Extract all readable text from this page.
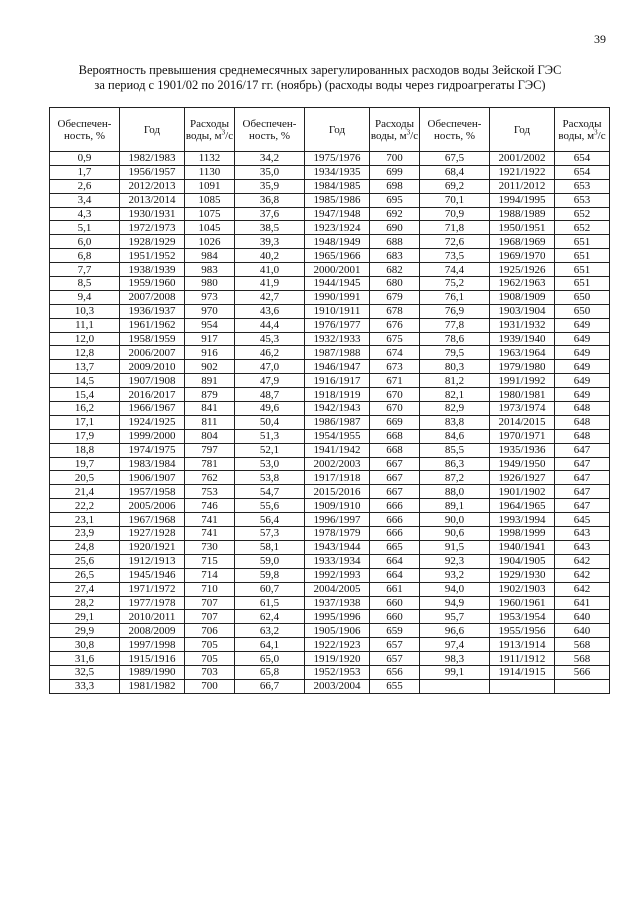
39
Вероятность превышения среднемесячных зарегулированных расходов воды Зейской ГЭС
за период с 1901/02 по 2016/17 гг. (ноябрь) (расходы воды через гидроагрегаты ГЭС)
Обеспечен-ность, %	Год	Расходы воды, $м^3/с$	Обеспечен-ность, %	Год	Расходы воды, $м^3/с$	Обеспечен-ность, %	Год	Расходы воды, $м^3/с$
0,9	1982/1983	1132	34,2	1975/1976	700	67,5	2001/2002	654
1,7	1956/1957	1130	35,0	1934/1935	699	68,4	1921/1922	654
2,6	2012/2013	1091	35,9	1984/1985	698	69,2	2011/2012	653
3,4	2013/2014	1085	36,8	1985/1986	695	70,1	1994/1995	653
4,3	1930/1931	1075	37,6	1947/1948	692	70,9	1988/1989	652
5,1	1972/1973	1045	38,5	1923/1924	690	71,8	1950/1951	652
6,0	1928/1929	1026	39,3	1948/1949	688	72,6	1968/1969	651
6,8	1951/1952	984	40,2	1965/1966	683	73,5	1969/1970	651
7,7	1938/1939	983	41,0	2000/2001	682	74,4	1925/1926	651
8,5	1959/1960	980	41,9	1944/1945	680	75,2	1962/1963	651
9,4	2007/2008	973	42,7	1990/1991	679	76,1	1908/1909	650
10,3	1936/1937	970	43,6	1910/1911	678	76,9	1903/1904	650
11,1	1961/1962	954	44,4	1976/1977	676	77,8	1931/1932	649
12,0	1958/1959	917	45,3	1932/1933	675	78,6	1939/1940	649
12,8	2006/2007	916	46,2	1987/1988	674	79,5	1963/1964	649
13,7	2009/2010	902	47,0	1946/1947	673	80,3	1979/1980	649
14,5	1907/1908	891	47,9	1916/1917	671	81,2	1991/1992	649
15,4	2016/2017	879	48,7	1918/1919	670	82,1	1980/1981	649
16,2	1966/1967	841	49,6	1942/1943	670	82,9	1973/1974	648
17,1	1924/1925	811	50,4	1986/1987	669	83,8	2014/2015	648
17,9	1999/2000	804	51,3	1954/1955	668	84,6	1970/1971	648
18,8	1974/1975	797	52,1	1941/1942	668	85,5	1935/1936	647
19,7	1983/1984	781	53,0	2002/2003	667	86,3	1949/1950	647
20,5	1906/1907	762	53,8	1917/1918	667	87,2	1926/1927	647
21,4	1957/1958	753	54,7	2015/2016	667	88,0	1901/1902	647
22,2	2005/2006	746	55,6	1909/1910	666	89,1	1964/1965	647
23,1	1967/1968	741	56,4	1996/1997	666	90,0	1993/1994	645
23,9	1927/1928	741	57,3	1978/1979	666	90,6	1998/1999	643
24,8	1920/1921	730	58,1	1943/1944	665	91,5	1940/1941	643
25,6	1912/1913	715	59,0	1933/1934	664	92,3	1904/1905	642
26,5	1945/1946	714	59,8	1992/1993	664	93,2	1929/1930	642
27,4	1971/1972	710	60,7	2004/2005	661	94,0	1902/1903	642
28,2	1977/1978	707	61,5	1937/1938	660	94,9	1960/1961	641
29,1	2010/2011	707	62,4	1995/1996	660	95,7	1953/1954	640
29,9	2008/2009	706	63,2	1905/1906	659	96,6	1955/1956	640
30,8	1997/1998	705	64,1	1922/1923	657	97,4	1913/1914	568
31,6	1915/1916	705	65,0	1919/1920	657	98,3	1911/1912	568
32,5	1989/1990	703	65,8	1952/1953	656	99,1	1914/1915	566
33,3	1981/1982	700	66,7	2003/2004	655			
